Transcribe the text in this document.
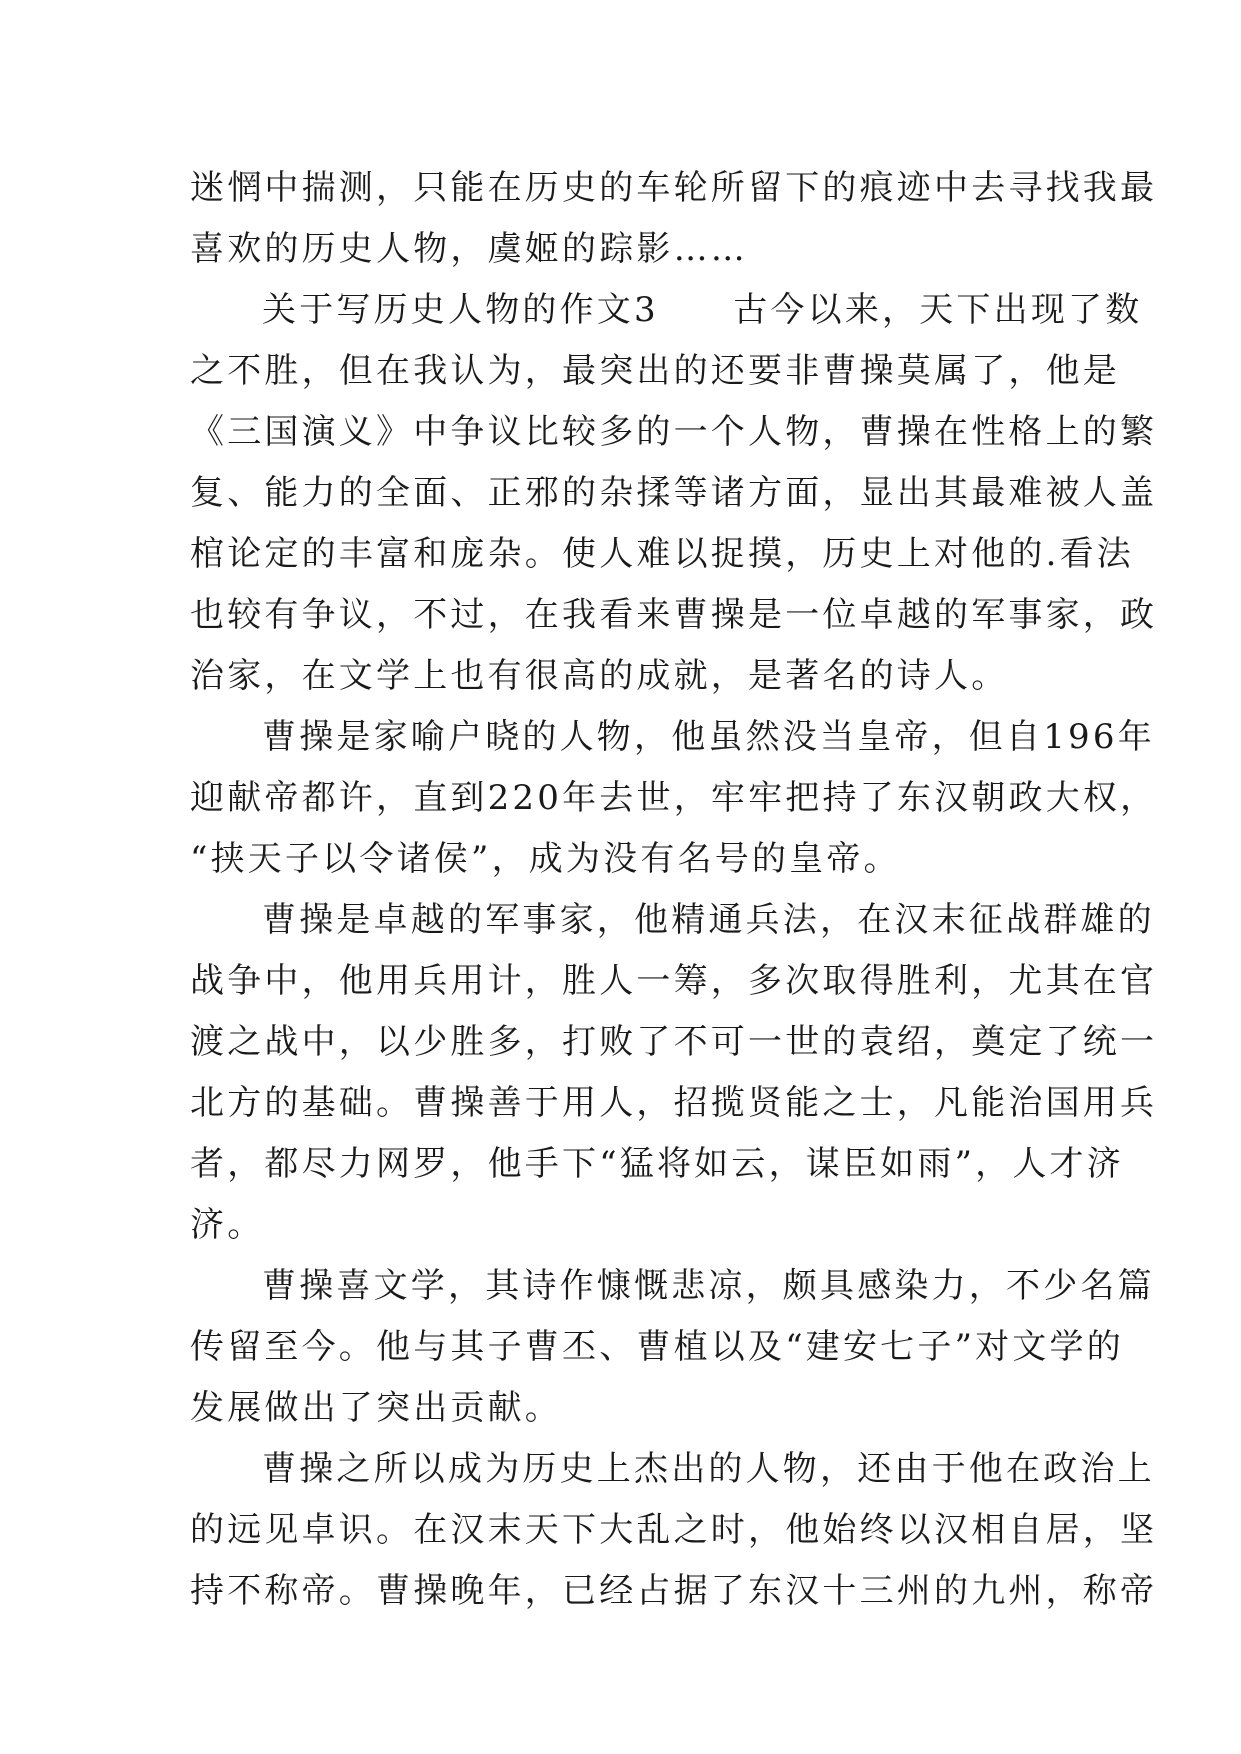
迷惘中揣测，只能在历史的车轮所留下的痕迹中去寻找我最
喜欢的历史人物，虞姬的踪影……
关于写历史人物的作文3　　古今以来，天下出现了数
之不胜，但在我认为，最突出的还要非曹操莫属了，他是
《三国演义》中争议比较多的一个人物，曹操在性格上的繁
复、能力的全面、正邪的杂揉等诸方面，显出其最难被人盖
棺论定的丰富和庞杂。使人难以捉摸，历史上对他的.看法
也较有争议，不过，在我看来曹操是一位卓越的军事家，政
治家，在文学上也有很高的成就，是著名的诗人。
曹操是家喻户晓的人物，他虽然没当皇帝，但自196年
迎献帝都许，直到220年去世，牢牢把持了东汉朝政大权，
“挟天子以令诸侯”，成为没有名号的皇帝。
曹操是卓越的军事家，他精通兵法，在汉末征战群雄的
战争中，他用兵用计，胜人一筹，多次取得胜利，尤其在官
渡之战中，以少胜多，打败了不可一世的袁绍，奠定了统一
北方的基础。曹操善于用人，招揽贤能之士，凡能治国用兵
者，都尽力网罗，他手下“猛将如云，谋臣如雨”，人才济
济。
曹操喜文学，其诗作慷慨悲凉，颇具感染力，不少名篇
传留至今。他与其子曹丕、曹植以及“建安七子”对文学的
发展做出了突出贡献。
曹操之所以成为历史上杰出的人物，还由于他在政治上
的远见卓识。在汉末天下大乱之时，他始终以汉相自居，坚
持不称帝。曹操晚年，已经占据了东汉十三州的九州，称帝
